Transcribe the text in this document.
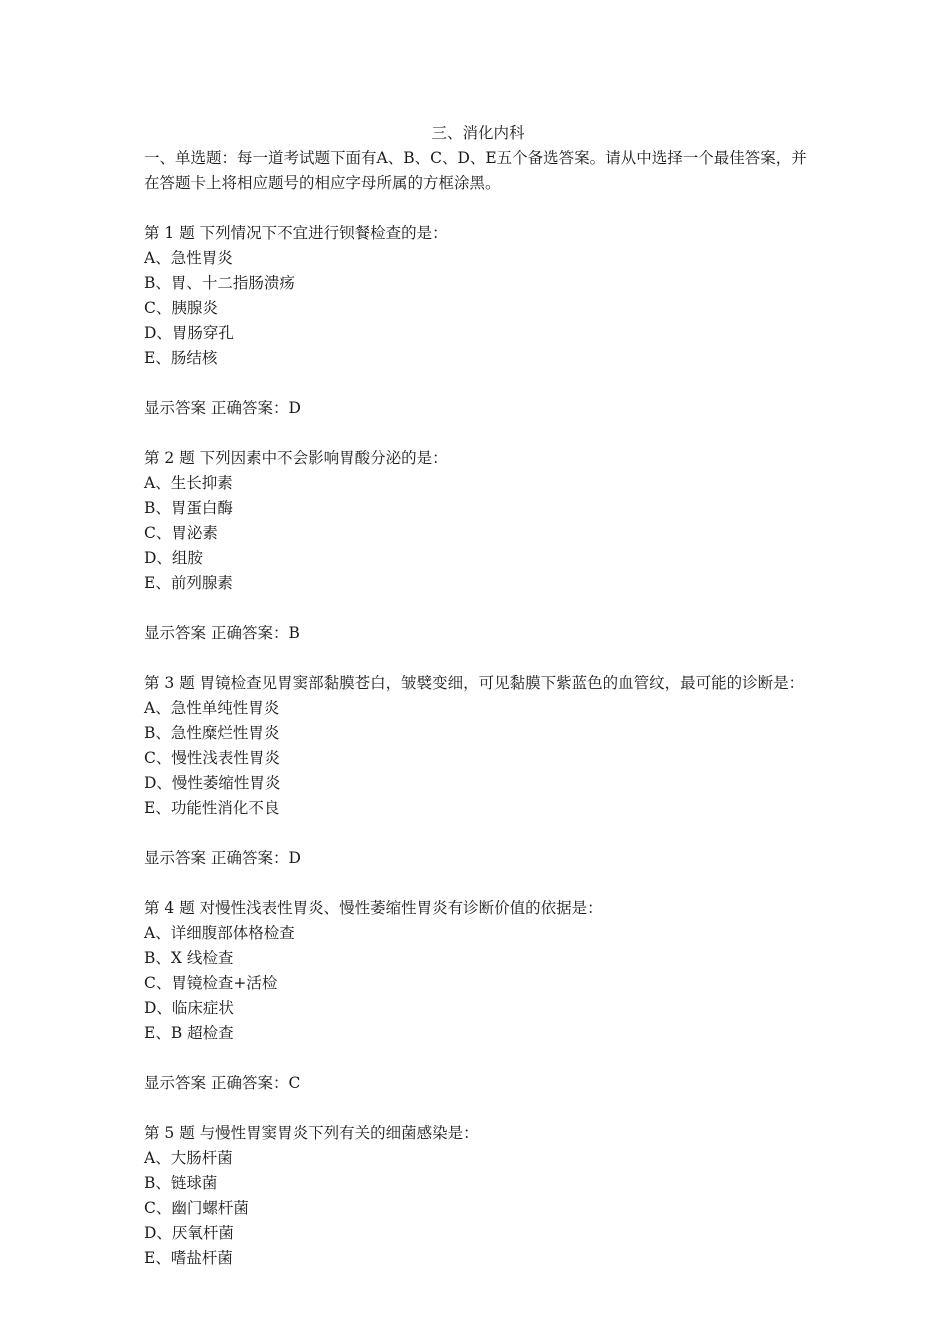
三、消化内科
一、单选题：每一道考试题下面有A、B、C、D、E五个备选答案。请从中选择一个最佳答案，并在答题卡上将相应题号的相应字母所属的方框涂黑。
第 1 题 下列情况下不宜进行钡餐检查的是：
A、急性胃炎
B、胃、十二指肠溃疡
C、胰腺炎
D、胃肠穿孔
E、肠结核
显示答案 正确答案：D
第 2 题 下列因素中不会影响胃酸分泌的是：
A、生长抑素
B、胃蛋白酶
C、胃泌素
D、组胺
E、前列腺素
显示答案 正确答案：B
第 3 题 胃镜检查见胃窦部黏膜苍白，皱襞变细，可见黏膜下紫蓝色的血管纹，最可能的诊断是：
A、急性单纯性胃炎
B、急性糜烂性胃炎
C、慢性浅表性胃炎
D、慢性萎缩性胃炎
E、功能性消化不良
显示答案 正确答案：D
第 4 题 对慢性浅表性胃炎、慢性萎缩性胃炎有诊断价值的依据是：
A、详细腹部体格检查
B、X 线检查
C、胃镜检查+活检
D、临床症状
E、B 超检查
显示答案 正确答案：C
第 5 题 与慢性胃窦胃炎下列有关的细菌感染是：
A、大肠杆菌
B、链球菌
C、幽门螺杆菌
D、厌氧杆菌
E、嗜盐杆菌
